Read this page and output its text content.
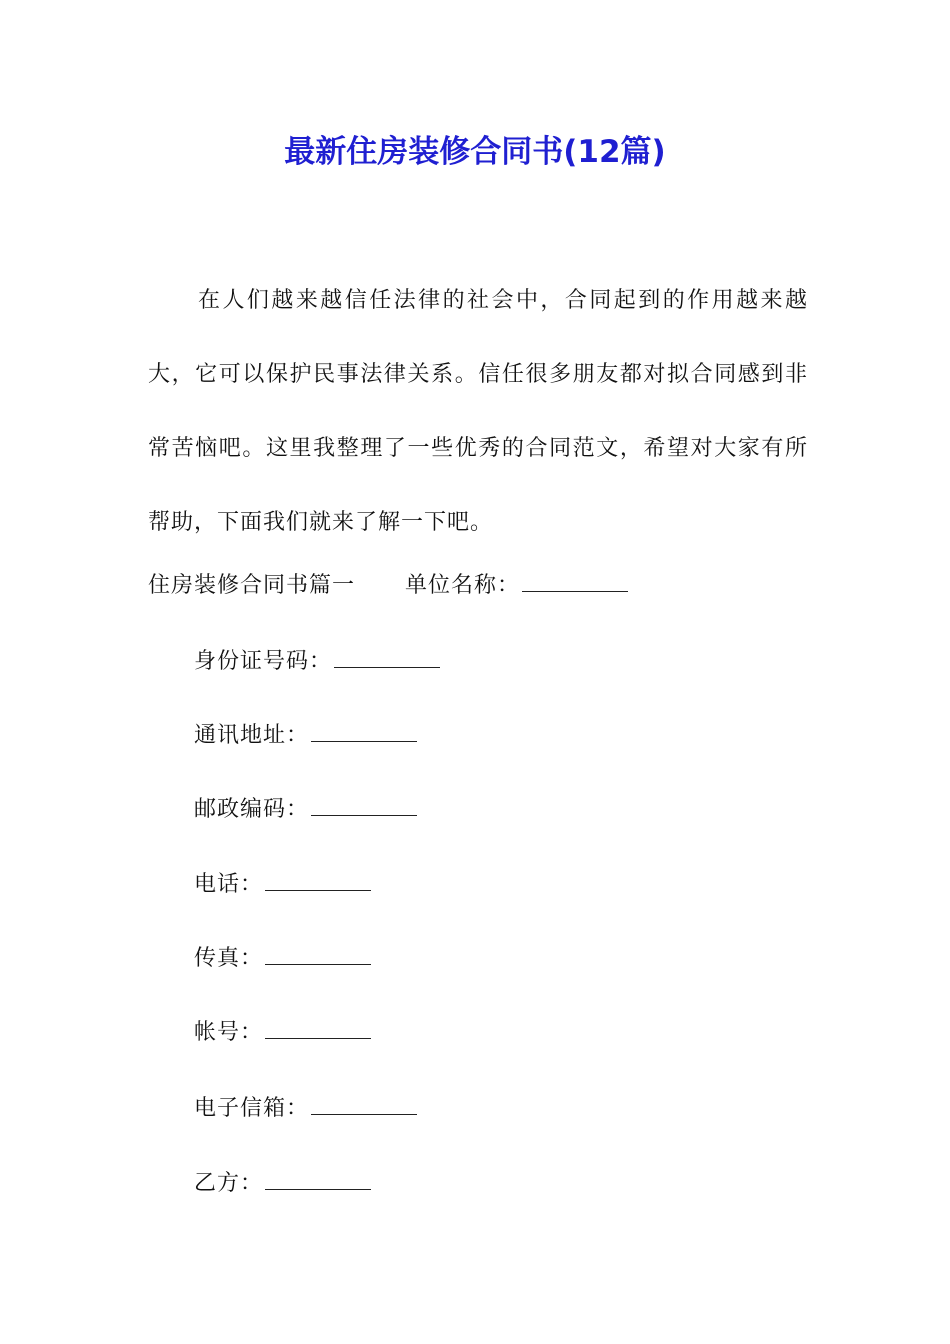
最新住房装修合同书(12篇)
在人们越来越信任法律的社会中，合同起到的作用越来越大，它可以保护民事法律关系。信任很多朋友都对拟合同感到非常苦恼吧。这里我整理了一些优秀的合同范文，希望对大家有所帮助，下面我们就来了解一下吧。
住房装修合同书篇一 单位名称：
身份证号码：
通讯地址：
邮政编码：
电话：
传真：
帐号：
电子信箱：
乙方：
